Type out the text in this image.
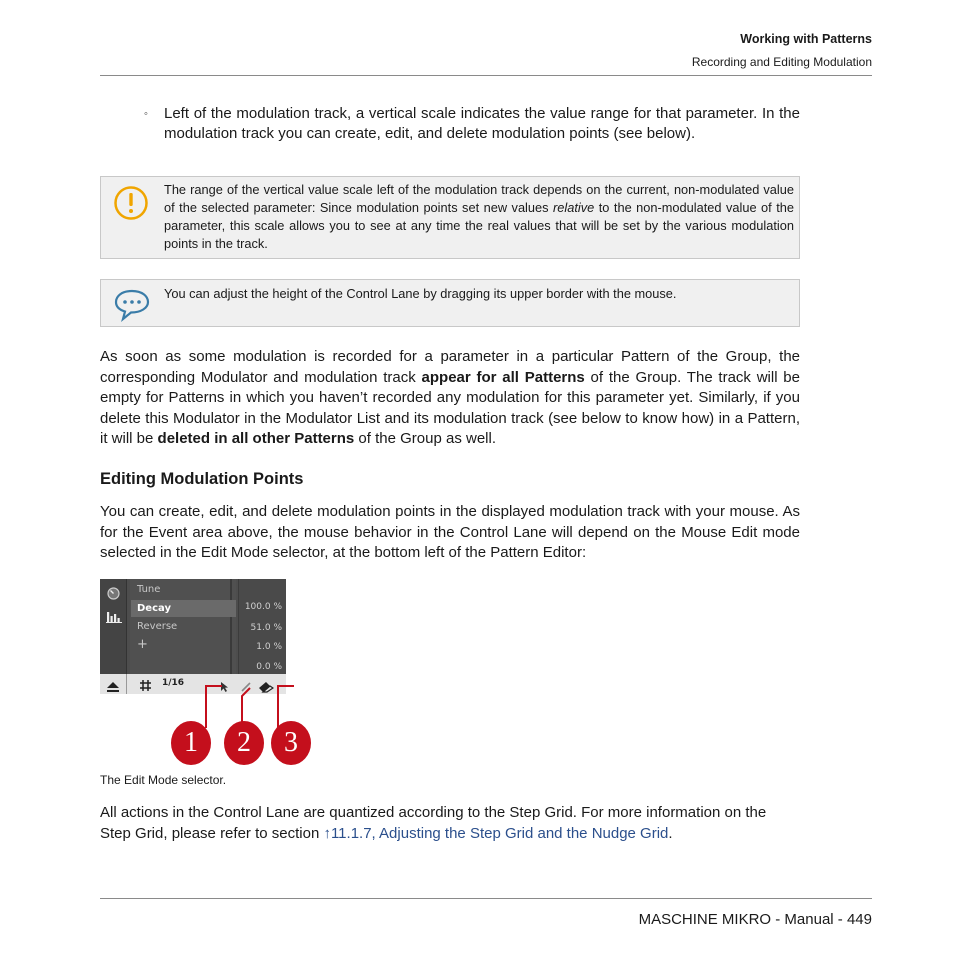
Working with Patterns
Recording and Editing Modulation
◦ Left of the modulation track, a vertical scale indicates the value range for that parameter. In the modulation track you can create, edit, and delete modulation points (see below).
The range of the vertical value scale left of the modulation track depends on the current, non-modulated value of the selected parameter: Since modulation points set new values relative to the non-modulated value of the parameter, this scale allows you to see at any time the real values that will be set by the various modulation points in the track.
You can adjust the height of the Control Lane by dragging its upper border with the mouse.
As soon as some modulation is recorded for a parameter in a particular Pattern of the Group, the corresponding Modulator and modulation track appear for all Patterns of the Group. The track will be empty for Patterns in which you haven’t recorded any modulation for this parameter yet. Similarly, if you delete this Modulator in the Modulator List and its modulation track (see below to know how) in a Pattern, it will be deleted in all other Patterns of the Group as well.
Editing Modulation Points
You can create, edit, and delete modulation points in the displayed modulation track with your mouse. As for the Event area above, the mouse behavior in the Control Lane will depend on the Mouse Edit mode selected in the Edit Mode selector, at the bottom left of the Pattern Editor:
Tune
Decay
Reverse
+
100.0 %
51.0 %
1.0 %
0.0 %
1/16
1	2	3
The Edit Mode selector.
All actions in the Control Lane are quantized according to the Step Grid. For more information on the Step Grid, please refer to section ↑11.1.7, Adjusting the Step Grid and the Nudge Grid.
MASCHINE MIKRO - Manual - 449
